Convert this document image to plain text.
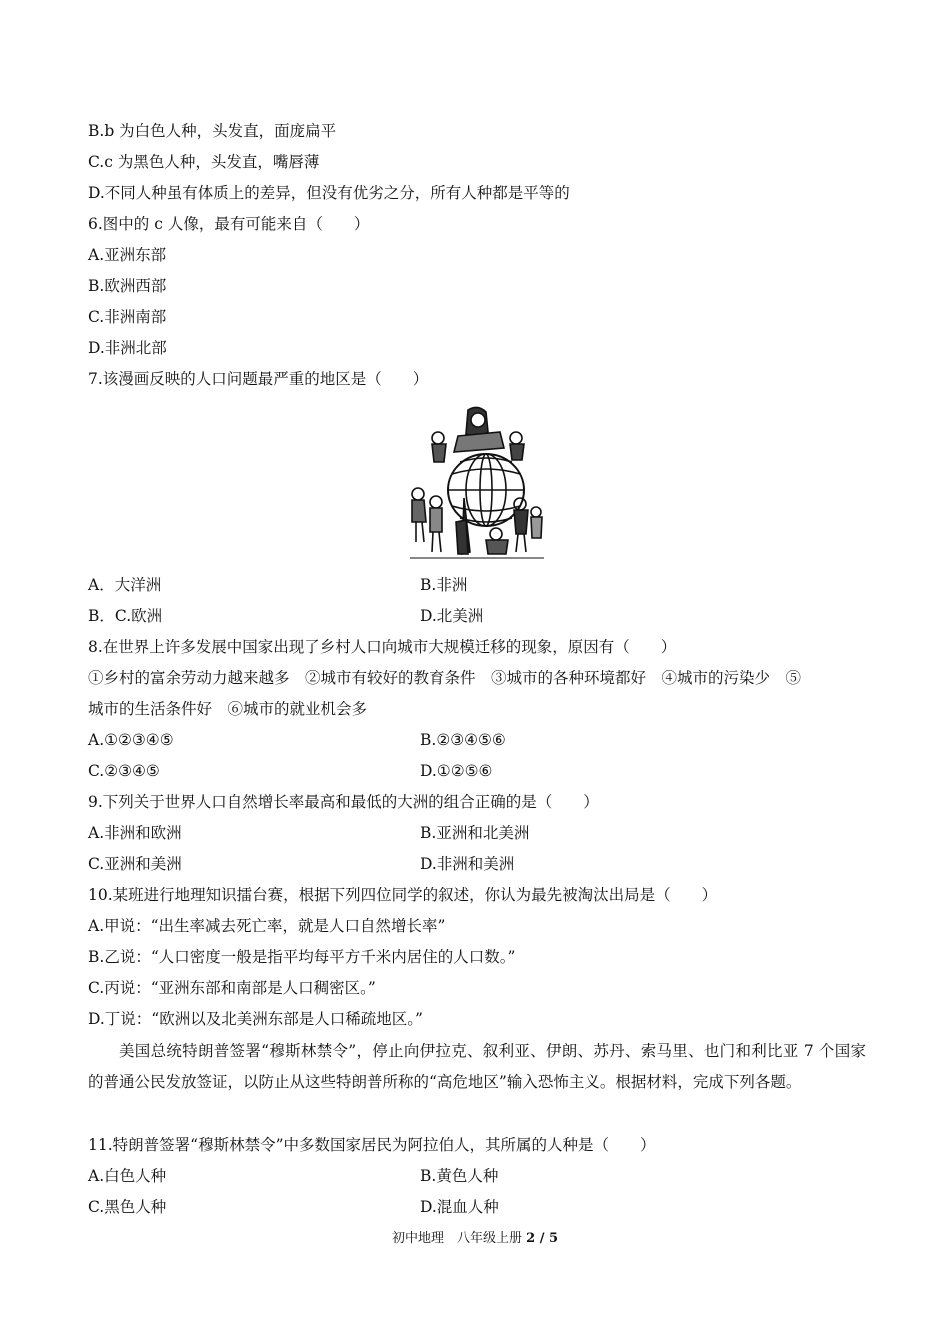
B.b 为白色人种，头发直，面庞扁平
C.c 为黑色人种，头发直，嘴唇薄
D.不同人种虽有体质上的差异，但没有优劣之分，所有人种都是平等的
6.图中的 c 人像，最有可能来自（　　）
A.亚洲东部
B.欧洲西部
C.非洲南部
D.非洲北部
7.该漫画反映的人口问题最严重的地区是（　　）
A．大洋洲	B.非洲
B．C.欧洲	D.北美洲
8.在世界上许多发展中国家出现了乡村人口向城市大规模迁移的现象，原因有（　　）
①乡村的富余劳动力越来越多　②城市有较好的教育条件　③城市的各种环境都好　④城市的污染少　⑤
城市的生活条件好　⑥城市的就业机会多
A.①②③④⑤	B.②③④⑤⑥
C.②③④⑤	D.①②⑤⑥
9.下列关于世界人口自然增长率最高和最低的大洲的组合正确的是（　　）
A.非洲和欧洲	B.亚洲和北美洲
C.亚洲和美洲	D.非洲和美洲
10.某班进行地理知识擂台赛，根据下列四位同学的叙述，你认为最先被淘汰出局是（　　）
A.甲说：“出生率减去死亡率，就是人口自然增长率”
B.乙说：“人口密度一般是指平均每平方千米内居住的人口数。”
C.丙说：“亚洲东部和南部是人口稠密区。”
D.丁说：“欧洲以及北美洲东部是人口稀疏地区。”
美国总统特朗普签署“穆斯林禁令”，停止向伊拉克、叙利亚、伊朗、苏丹、索马里、也门和利比亚 7 个国家的普通公民发放签证，以防止从这些特朗普所称的“高危地区”输入恐怖主义。根据材料，完成下列各题。
11.特朗普签署“穆斯林禁令”中多数国家居民为阿拉伯人，其所属的人种是（　　）
A.白色人种	B.黄色人种
C.黑色人种	D.混血人种
初中地理　八年级上册 2 / 5
